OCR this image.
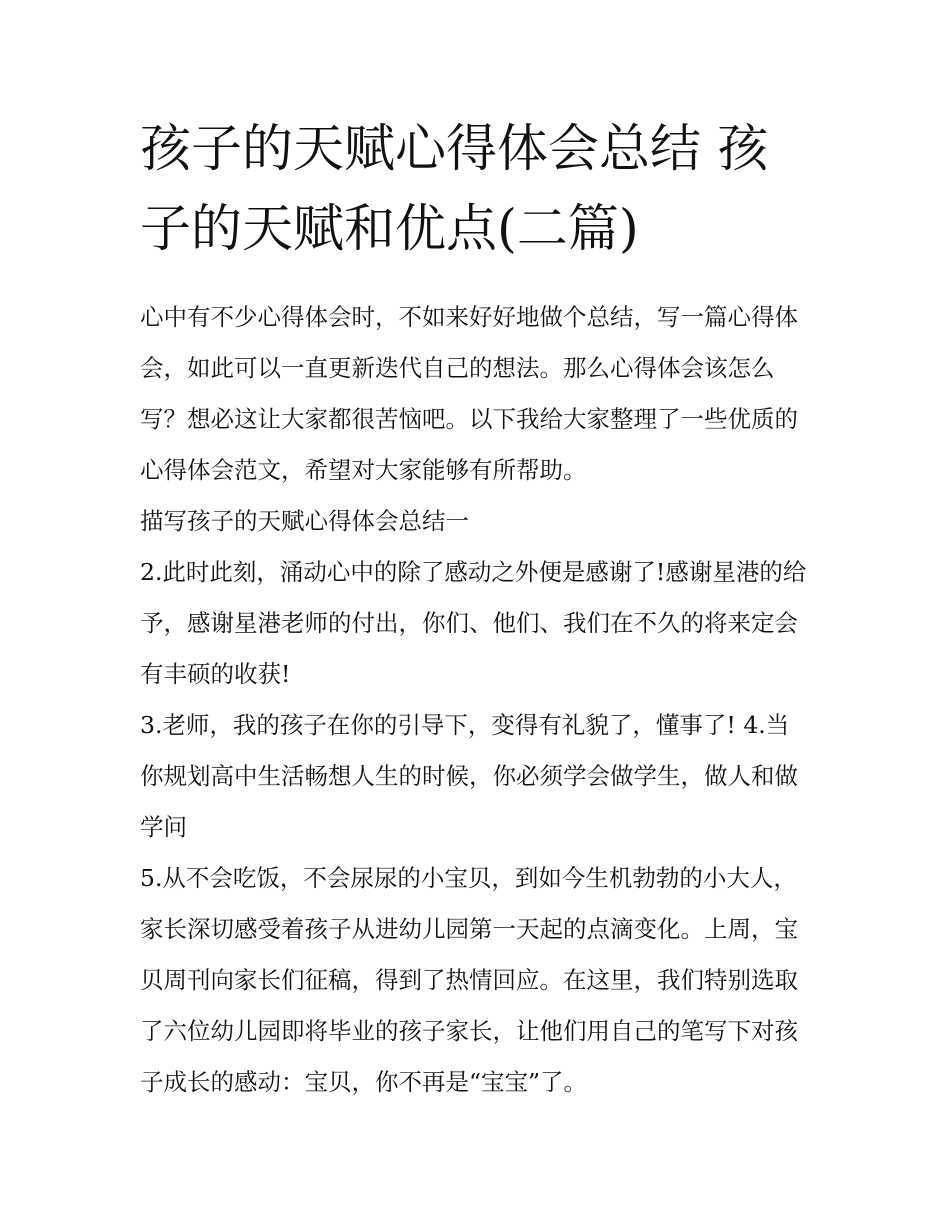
孩子的天赋心得体会总结 孩子的天赋和优点(二篇)

心中有不少心得体会时，不如来好好地做个总结，写一篇心得体会，如此可以一直更新迭代自己的想法。那么心得体会该怎么写？想必这让大家都很苦恼吧。以下我给大家整理了一些优质的心得体会范文，希望对大家能够有所帮助。

描写孩子的天赋心得体会总结一

2.此时此刻，涌动心中的除了感动之外便是感谢了!感谢星港的给予，感谢星港老师的付出，你们、他们、我们在不久的将来定会有丰硕的收获!

3.老师，我的孩子在你的引导下，变得有礼貌了，懂事了! 4.当你规划高中生活畅想人生的时候，你必须学会做学生，做人和做学问

5.从不会吃饭，不会尿尿的小宝贝，到如今生机勃勃的小大人，家长深切感受着孩子从进幼儿园第一天起的点滴变化。上周，宝贝周刊向家长们征稿，得到了热情回应。在这里，我们特别选取了六位幼儿园即将毕业的孩子家长，让他们用自己的笔写下对孩子成长的感动：宝贝，你不再是“宝宝”了。
